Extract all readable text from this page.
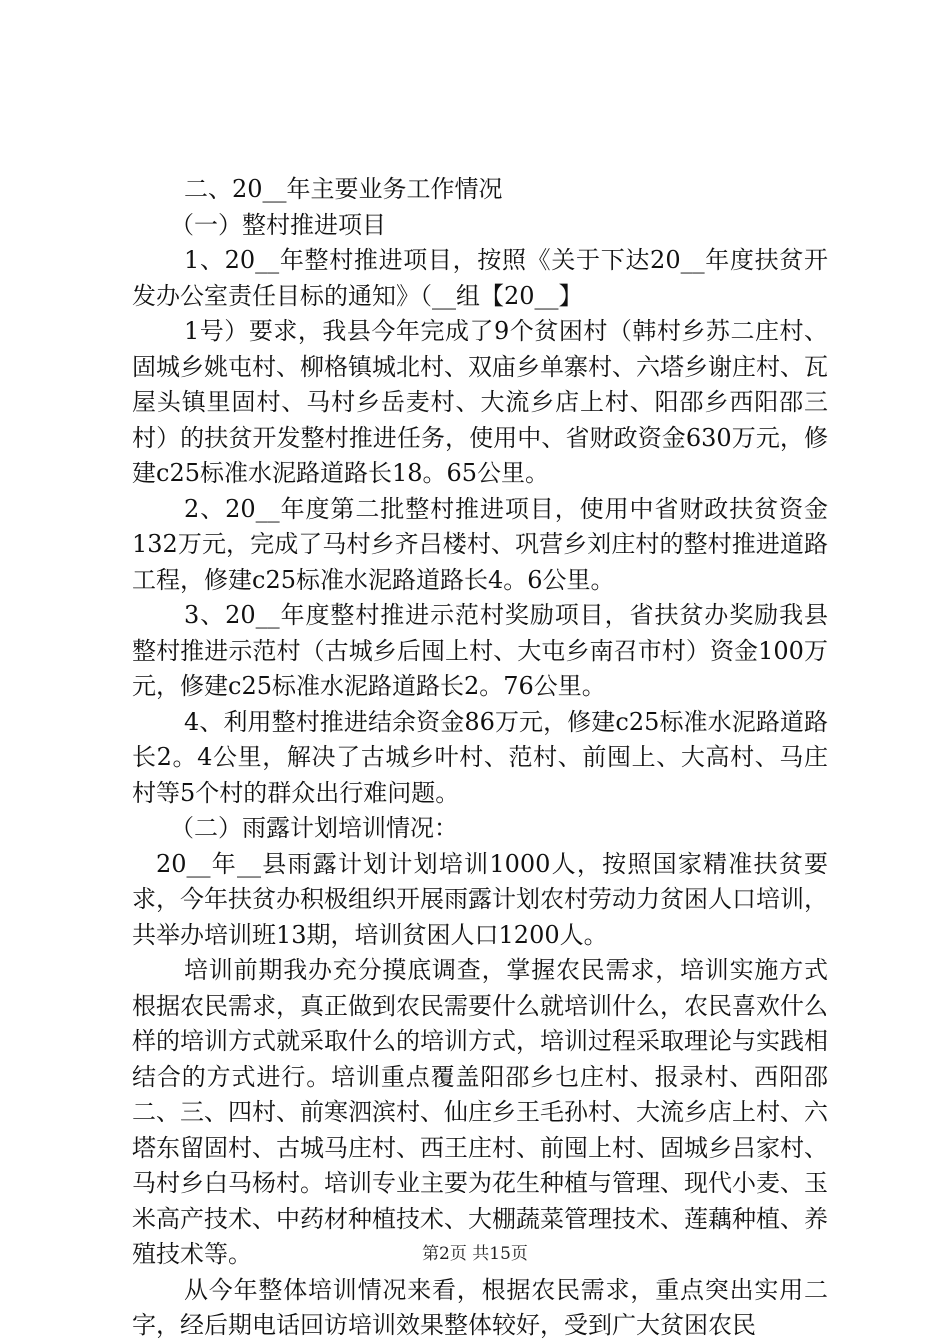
二、20__年主要业务工作情况

（一）整村推进项目

1、20__年整村推进项目，按照《关于下达20__年度扶贫开发办公室责任目标的通知》（__组【20__】

1号）要求，我县今年完成了9个贫困村（韩村乡苏二庄村、固城乡姚屯村、柳格镇城北村、双庙乡单寨村、六塔乡谢庄村、瓦屋头镇里固村、马村乡岳麦村、大流乡店上村、阳邵乡西阳邵三村）的扶贫开发整村推进任务，使用中、省财政资金630万元，修建c25标准水泥路道路长18。65公里。

2、20__年度第二批整村推进项目，使用中省财政扶贫资金132万元，完成了马村乡齐吕楼村、巩营乡刘庄村的整村推进道路工程，修建c25标准水泥路道路长4。6公里。

3、20__年度整村推进示范村奖励项目，省扶贫办奖励我县整村推进示范村（古城乡后囤上村、大屯乡南召市村）资金100万元，修建c25标准水泥路道路长2。76公里。

4、利用整村推进结余资金86万元，修建c25标准水泥路道路长2。4公里，解决了古城乡叶村、范村、前囤上、大高村、马庄村等5个村的群众出行难问题。

（二）雨露计划培训情况：

20__年__县雨露计划计划培训1000人，按照国家精准扶贫要求，今年扶贫办积极组织开展雨露计划农村劳动力贫困人口培训，共举办培训班13期，培训贫困人口1200人。

培训前期我办充分摸底调查，掌握农民需求，培训实施方式根据农民需求，真正做到农民需要什么就培训什么，农民喜欢什么样的培训方式就采取什么的培训方式，培训过程采取理论与实践相结合的方式进行。培训重点覆盖阳邵乡乜庄村、报录村、西阳邵二、三、四村、前寒泗滨村、仙庄乡王毛孙村、大流乡店上村、六塔东留固村、古城马庄村、西王庄村、前囤上村、固城乡吕家村、马村乡白马杨村。培训专业主要为花生种植与管理、现代小麦、玉米高产技术、中药材种植技术、大棚蔬菜管理技术、莲藕种植、养殖技术等。

从今年整体培训情况来看，根据农民需求，重点突出实用二字，经后期电话回访培训效果整体较好，受到广大贫困农民

第2页 共15页
